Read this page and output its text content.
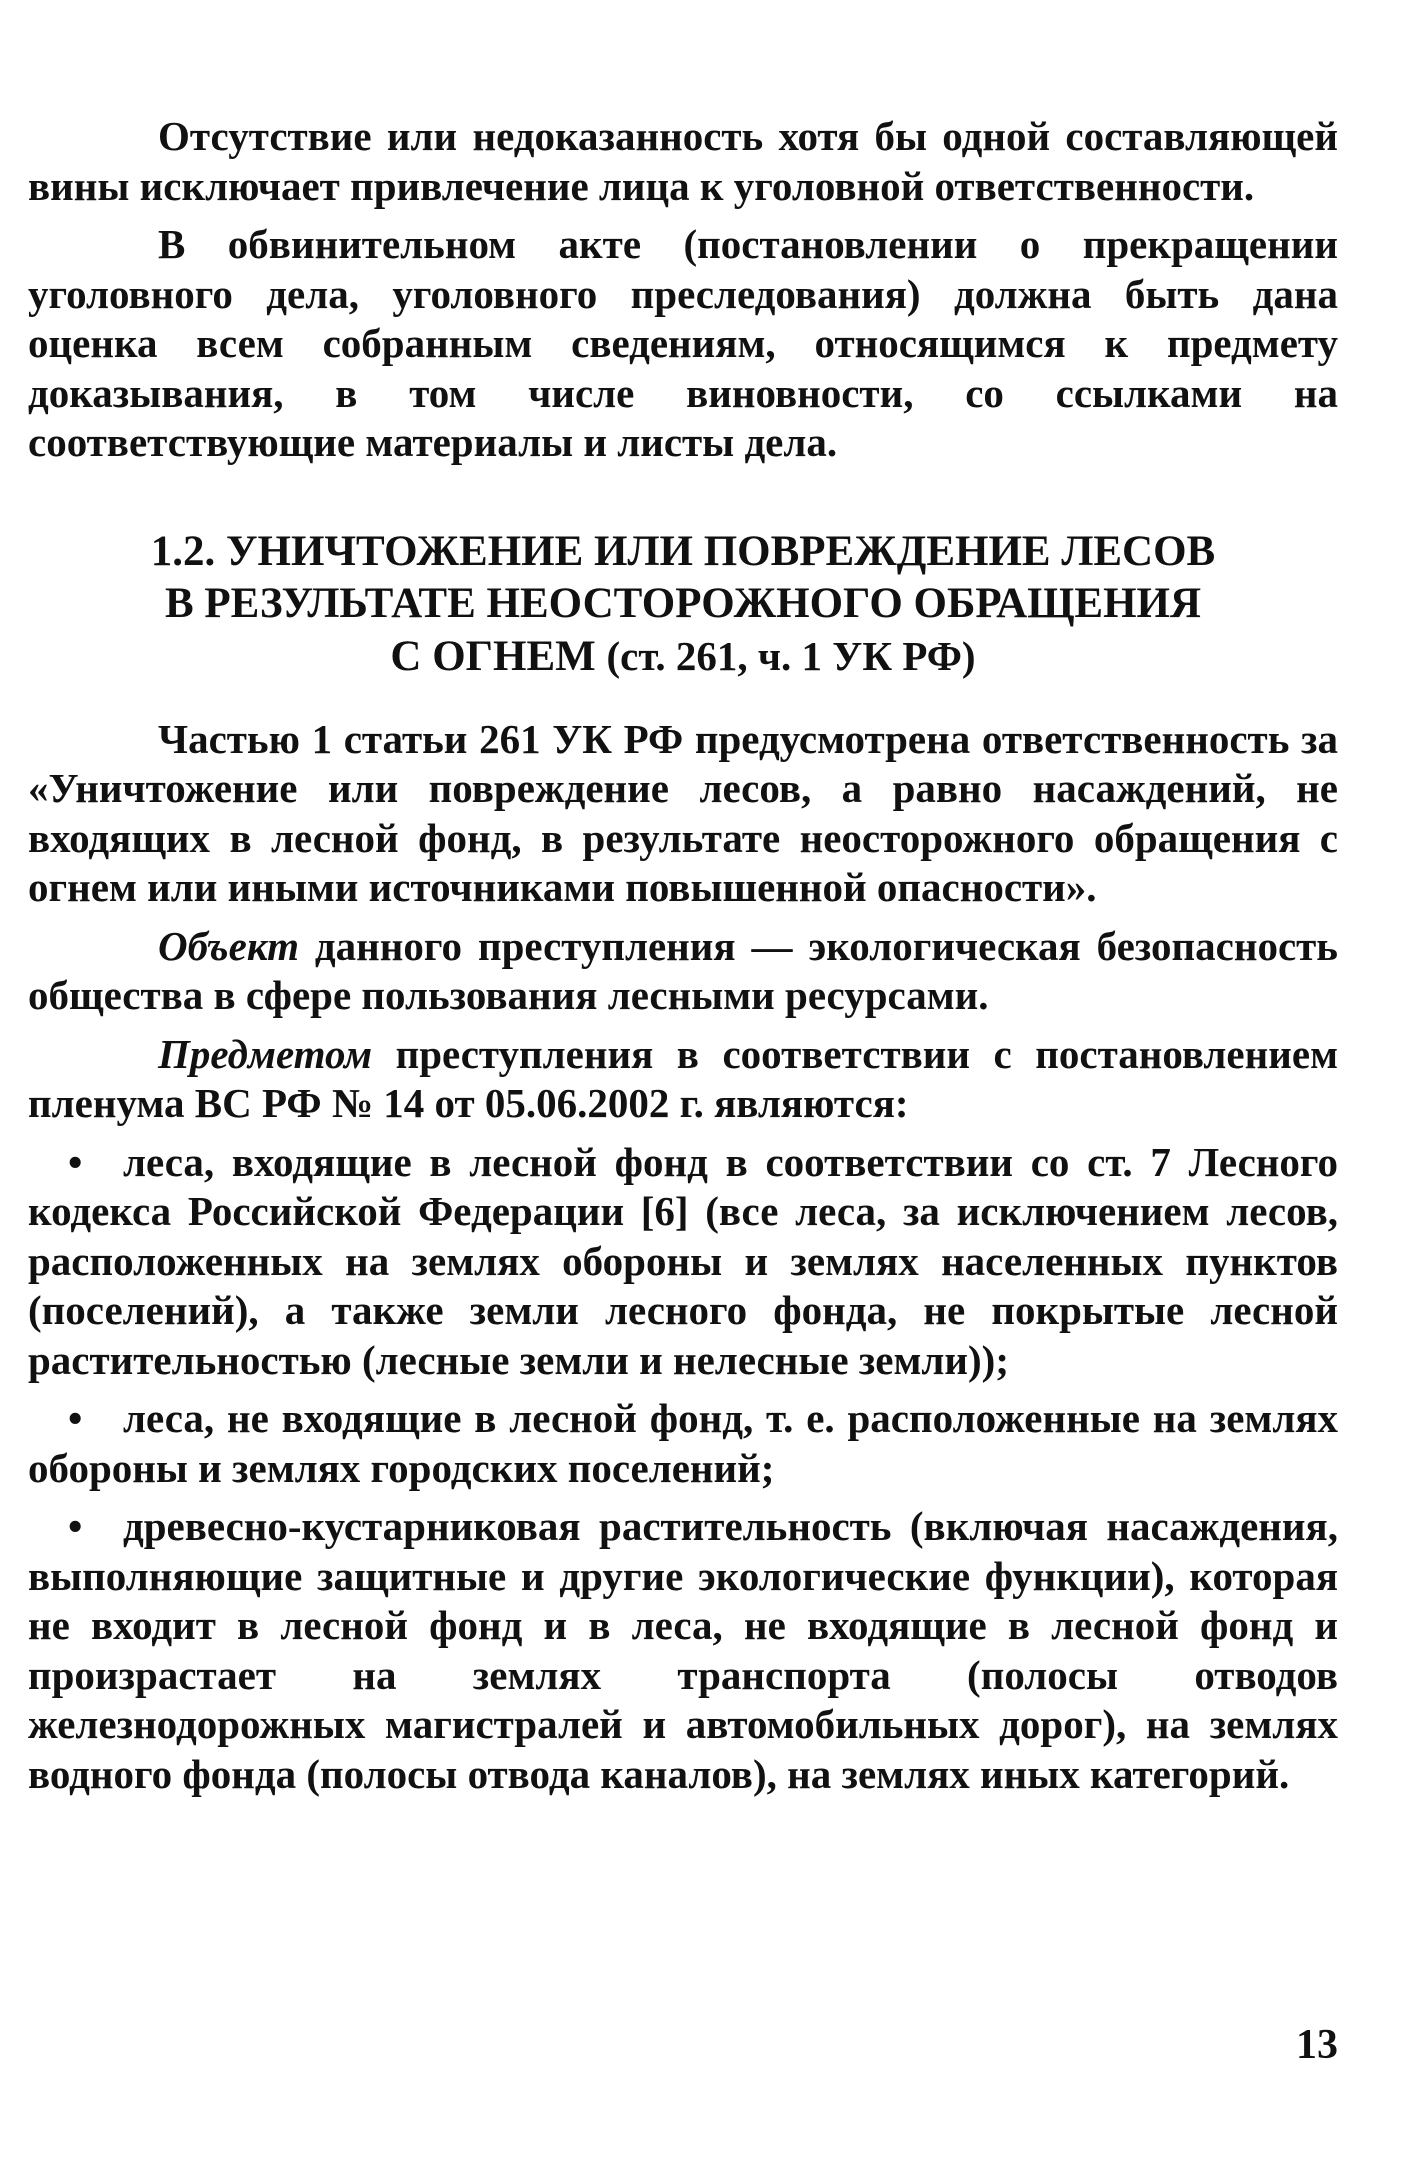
Отсутствие или недоказанность хотя бы одной составляющей вины исключает привлечение лица к уголовной ответственности.

В обвинительном акте (постановлении о прекращении уголовного дела, уголовного преследования) должна быть дана оценка всем собранным сведениям, относящимся к предмету доказывания, в том числе виновности, со ссылками на соответствующие материалы и листы дела.

1.2. УНИЧТОЖЕНИЕ ИЛИ ПОВРЕЖДЕНИЕ ЛЕСОВ
В РЕЗУЛЬТАТЕ НЕОСТОРОЖНОГО ОБРАЩЕНИЯ
С ОГНЕМ (ст. 261, ч. 1 УК РФ)

Частью 1 статьи 261 УК РФ предусмотрена ответственность за «Уничтожение или повреждение лесов, а равно насаждений, не входящих в лесной фонд, в результате неосторожного обращения с огнем или иными источниками повышенной опасности».

Объект данного преступления — экологическая безопасность общества в сфере пользования лесными ресурсами.

Предметом преступления в соответствии с постановлением пленума ВС РФ № 14 от 05.06.2002 г. являются:

• леса, входящие в лесной фонд в соответствии со ст. 7 Лесного кодекса Российской Федерации [6] (все леса, за исключением лесов, расположенных на землях обороны и землях населенных пунктов (поселений), а также земли лесного фонда, не покрытые лесной растительностью (лесные земли и нелесные земли));
• леса, не входящие в лесной фонд, т. е. расположенные на землях обороны и землях городских поселений;
• древесно-кустарниковая растительность (включая насаждения, выполняющие защитные и другие экологические функции), которая не входит в лесной фонд и в леса, не входящие в лесной фонд и произрастает на землях транспорта (полосы отводов железнодорожных магистралей и автомобильных дорог), на землях водного фонда (полосы отвода каналов), на землях иных категорий.
13
